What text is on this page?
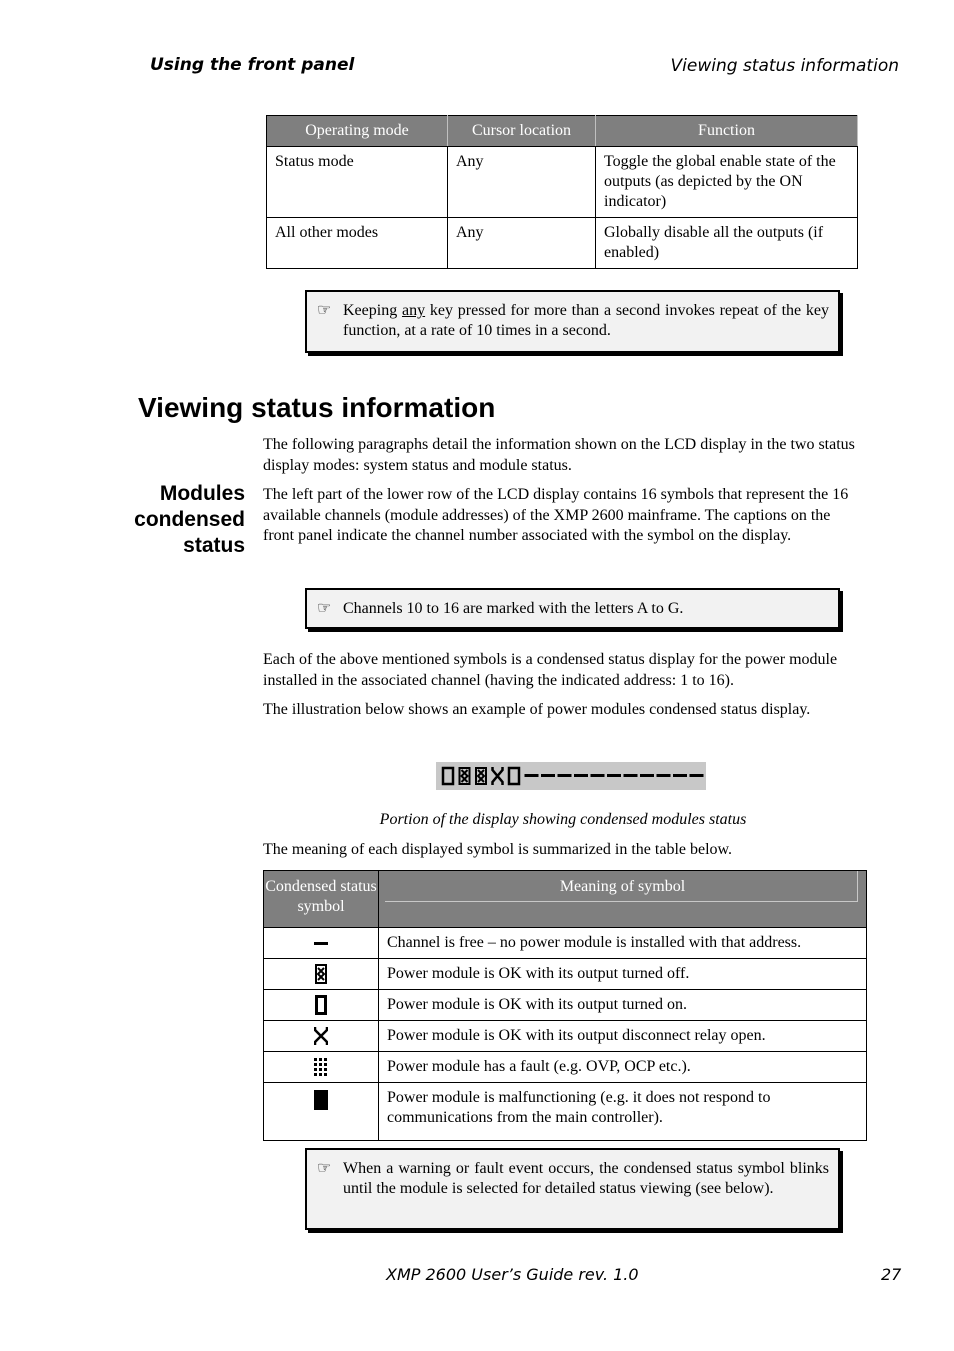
Using the front panel	Viewing status information
Operating mode	Cursor location	Function
Status mode	Any	Toggle the global enable state of the outputs (as depicted by the ON indicator)
All other modes	Any	Globally disable all the outputs (if enabled)
☞ Keeping any key pressed for more than a second invokes repeat of the key function, at a rate of 10 times in a second.
Viewing status information
The following paragraphs detail the information shown on the LCD display in the two status display modes: system status and module status.
Modules
condensed
status
The left part of the lower row of the LCD display contains 16 symbols that represent the 16 available channels (module addresses) of the XMP 2600 mainframe. The captions on the front panel indicate the channel number associated with the symbol on the display.
☞ Channels 10 to 16 are marked with the letters A to G.
Each of the above mentioned symbols is a condensed status display for the power module installed in the associated channel (having the indicated address: 1 to 16).
The illustration below shows an example of power modules condensed status display.
Portion of the display showing condensed modules status
The meaning of each displayed symbol is summarized in the table below.
Condensed status symbol	Meaning of symbol
	Channel is free – no power module is installed with that address.
	Power module is OK with its output turned off.
	Power module is OK with its output turned on.
	Power module is OK with its output disconnect relay open.
	Power module has a fault (e.g. OVP, OCP etc.).
	Power module is malfunctioning (e.g. it does not respond to communications from the main controller).
☞ When a warning or fault event occurs, the condensed status symbol blinks until the module is selected for detailed status viewing (see below).
XMP 2600 User’s Guide rev. 1.0	27
